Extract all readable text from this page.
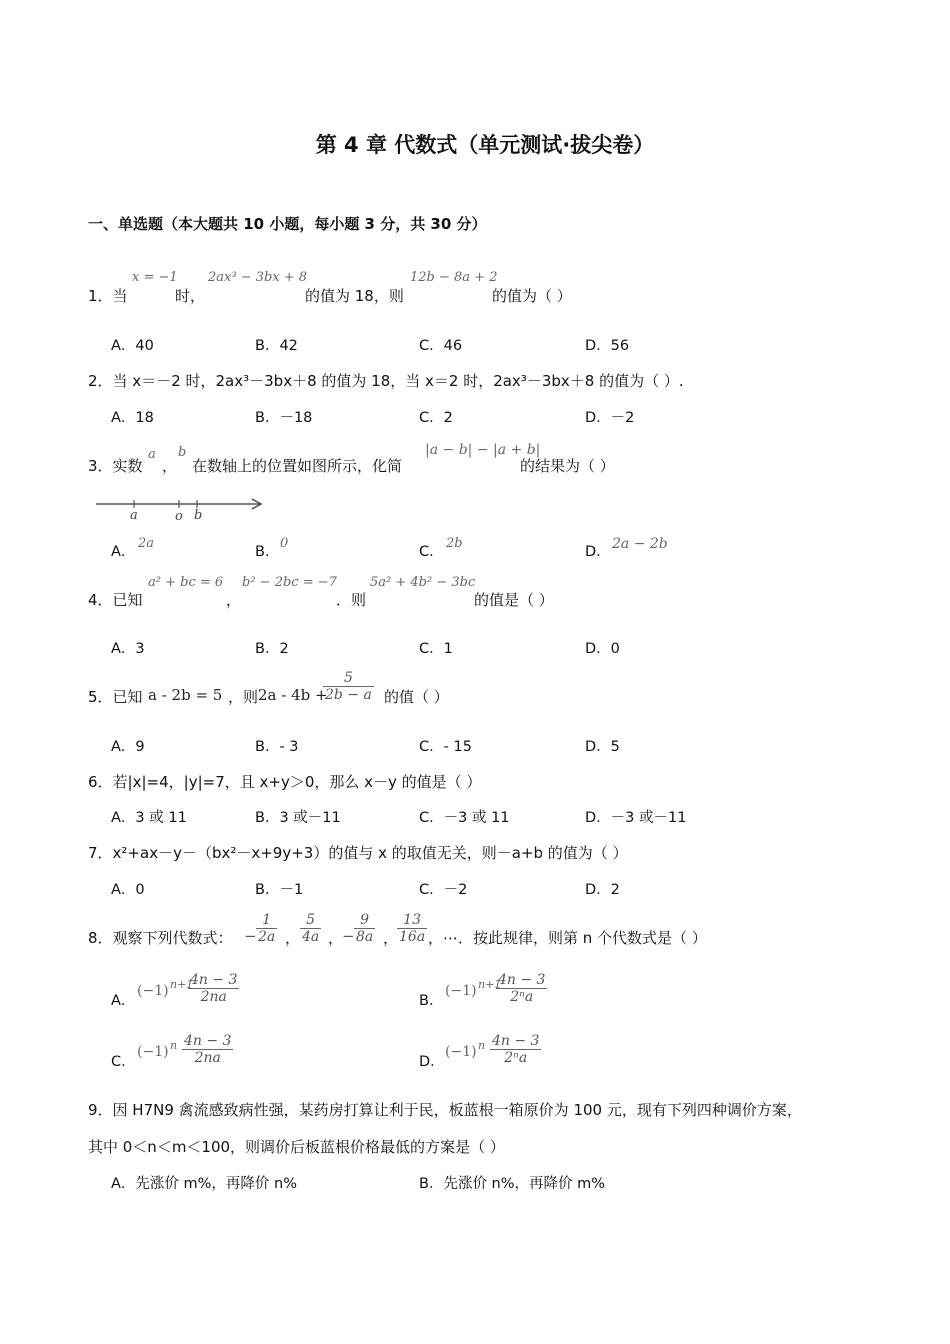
第 4 章 代数式（单元测试·拔尖卷）
一、单选题（本大题共 10 小题，每小题 3 分，共 30 分）
1．当
x = −1
时，
2ax³ − 3bx + 8
的值为 18，则
12b − 8a + 2
的值为（ ）
A．40	B．42	C．46	D．56
2．当 x＝－2 时，2ax³－3bx＋8 的值为 18，当 x＝2 时，2ax³－3bx＋8 的值为（ ）.
A．18	B．－18	C．2	D．－2
3．实数
a
，
b
在数轴上的位置如图所示，化简
|a − b| − |a + b|
的结果为（ ）
a	o b
A．
2a
B．
0
C．
2b
D． 2a − 2b
4．已知
a² + bc = 6
，
b² − 2bc = −7
．则
5a² + 4b² − 3bc
的值是（ ）
A．3	B．2	C．1	D．0
5．已知 a - 2b = 5 ，则 2a - 4b +
$\frac{5}{2b - a}$ 的值（ ）
A．9	B．- 3	C．- 15	D．5
6．若|x|=4，|y|=7，且 x+y＞0，那么 x－y 的值是（ ）
A．3 或 11	B．3 或－11	C．－3 或 11	D．－3 或－11
7．x²+ax－y－（bx²－x+9y+3）的值与 x 的取值无关，则－a+b 的值为（ ）
A．0	B．－1	C．－2	D．2
8．观察下列代数式： − $\frac{1}{2a}$ ， $\frac{5}{4a}$ ，
− $\frac{9}{8a}$ ，
$\frac{13}{16a}$ ，⋯．按此规律，则第 n 个代数式是（ ）
A．
(−1) n+1
$\frac{4n - 3}{2na}$	B．
(−1) n+1
$\frac{4n - 3}{\text{2ⁿa}}$
C．
(−1) n $\frac{4n - 3}{2na}$	D．
(−1) n $\frac{4n - 3}{\text{2ⁿa}}$
9．因 H7N9 禽流感致病性强，某药房打算让利于民，板蓝根一箱原价为 100 元，现有下列四种调价方案，
其中 0＜n＜m＜100，则调价后板蓝根价格最低的方案是（ ）
A．先涨价 m%，再降价 n%	B．先涨价 n%，再降价 m%
